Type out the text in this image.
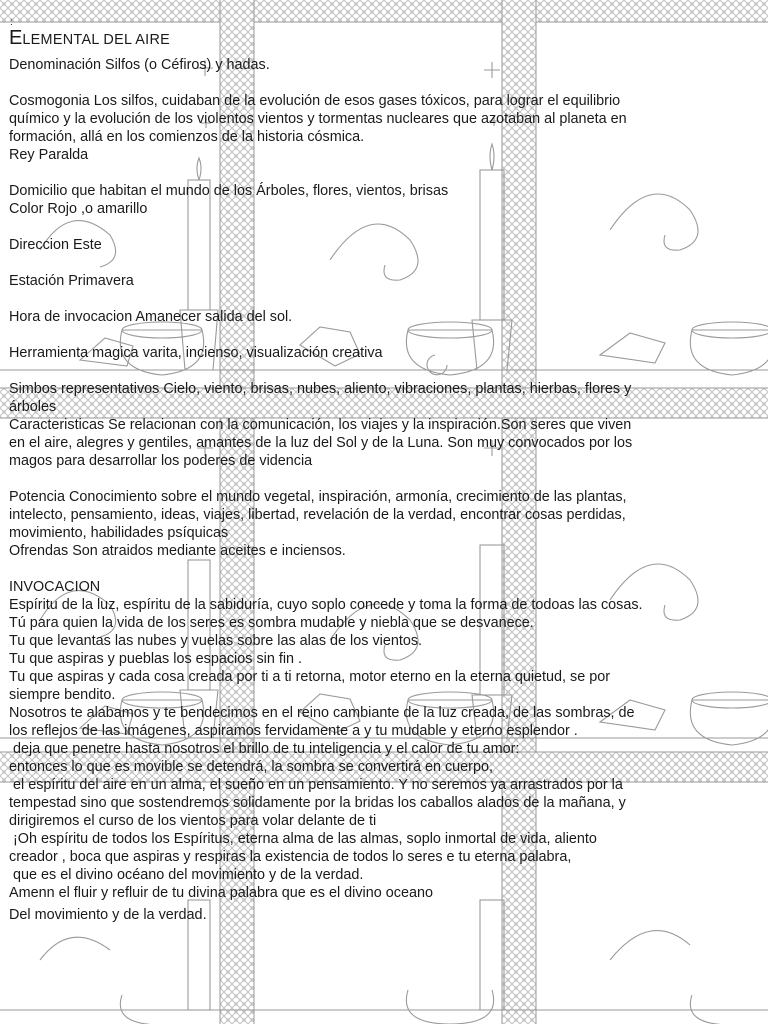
:
ELEMENTAL DEL AIRE
Denominación Silfos (o Céfiros) y hadas.
Cosmogonia Los silfos, cuidaban de la evolución de esos gases tóxicos, para lograr el equilibrio
químico y la evolución de los violentos vientos y tormentas nucleares que azotaban al planeta en
formación, allá en los comienzos de la historia cósmica.
Rey Paralda
Domicilio que habitan el mundo de los Árboles, flores, vientos, brisas
Color Rojo ,o amarillo
Direccion Este
Estación Primavera
Hora de invocacion Amanecer salida del sol.
Herramienta magica varita, incienso, visualización creativa
Simbos representativos Cielo, viento, brisas, nubes, aliento, vibraciones, plantas, hierbas, flores y
árboles
Caracteristicas Se relacionan con la comunicación, los viajes y la inspiración.Son seres que viven
en el aire, alegres y gentiles, amantes de la luz del Sol y de la Luna. Son muy convocados por los
magos para desarrollar los poderes de videncia
Potencia Conocimiento sobre el mundo vegetal, inspiración, armonía, crecimiento de las plantas,
intelecto, pensamiento, ideas, viajes, libertad, revelación de la verdad, encontrar cosas perdidas,
movimiento, habilidades psíquicas
Ofrendas Son atraidos mediante aceites e inciensos.
INVOCACION
Espíritu de la luz, espíritu de la sabiduría, cuyo soplo concede y toma la forma de todoas las cosas.
Tú para quien la vida de los seres es sombra mudable y niebla que se desvanece.
Tu que levantas las nubes y vuelas sobre las alas de los vientos.
Tu que aspiras y pueblas los espacios sin fin .
Tu que aspiras y cada cosa creada por ti a ti retorna, motor eterno en la eterna quietud, se por
siempre bendito.
Nosotros te alabamos y te bendecimos en el reino cambiante de la luz creada, de las sombras, de
los reflejos de las imágenes, aspiramos fervidamente a y tu mudable y eterno esplendor .
deja que penetre hasta nosotros el brillo de tu inteligencia y el calor de tu amor:
entonces lo que es movible se detendrá, la sombra se convertirá en cuerpo,
el espíritu del aire en un alma, el sueño en un pensamiento. Y no seremos ya arrastrados por la
tempestad sino que sostendremos solidamente por la bridas los caballos alados de la mañana, y
dirigiremos el curso de los vientos para volar delante de ti
¡Oh espíritu de todos los Espíritus, eterna alma de las almas, soplo inmortal de vida, aliento
creador , boca que aspiras y respiras la existencia de todos lo seres e tu eterna palabra,
que es el divino océano del movimiento y de la verdad.
Amenn el fluir y refluir de tu divina palabra que es el divino oceano
Del movimiento y de la verdad.
